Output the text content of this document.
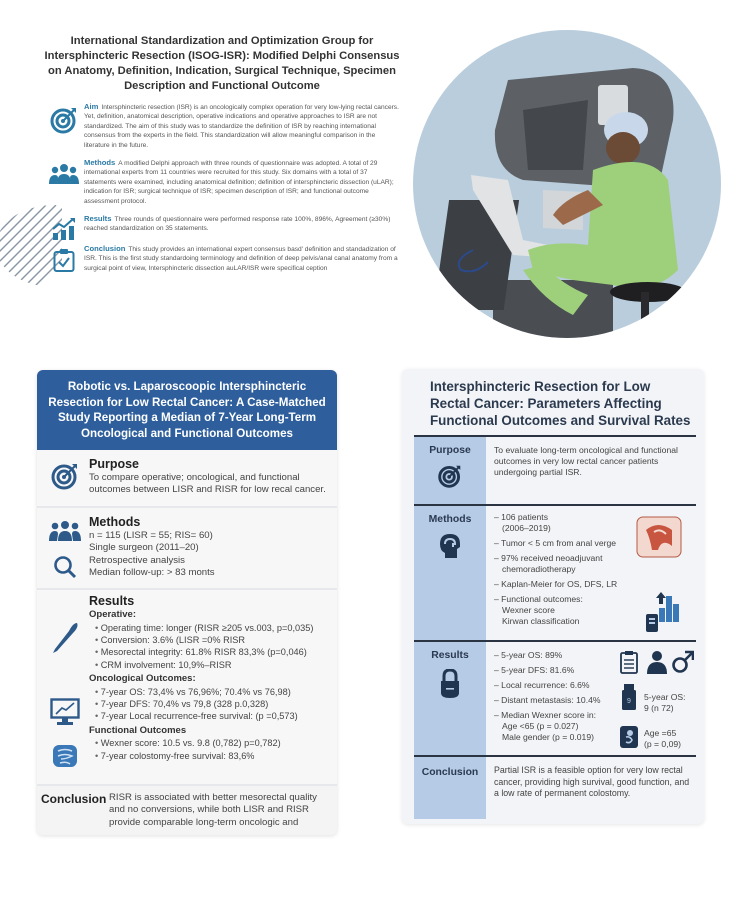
International Standardization and Optimization Group for Intersphincteric Resection (ISOG-ISR): Modified Delphi Consensus on Anatomy, Definition, Indication, Surgical Technique, Specimen Description and Functional Outcome
Aim Intersphincteric resection (ISR) is an oncologically complex operation for very low-lying rectal cancers. Yet, definition, anatomical description, operative indications and operative approaches to ISR are not standardized. The aim of this study was to standardize the definition of ISR by reaching international consensus from the experts in the field. This standardization will allow meaningful comparison in the literature in the future.
Methods A modified Delphi approach with three rounds of questionnaire was adopted. A total of 29 international experts from 11 countries were recruited for this study. Six domains with a total of 37 statements were examined, including anatomical definition; definition of intersphincteric dissection (uLAR); indication for ISR; surgical technique of ISR; specimen description of ISR; and functional outcome assessment protocol.
Results Three rounds of questionnaire were performed response rate 100%, 896%, Agreement (≥30%) reached standardization on 35 statements.
Conclusion This study provides an international expert consensus basd' definition and standadization of ISR. This is the first study standardoing terminology and definition of deep pelvis/anal canal anatomy from a surgical point of view, Intersphincteric dissection auLAR/ISR were specifical ception
Robotic vs. Laparoscoopic Intersphincteric Resection for Low Rectal Cancer: A Case-Matched Study Reporting a Median of 7-Year Long-Term Oncological and Functional Outcomes
Purpose
To compare operative; oncological, and functional outcomes between LISR and RISR for low recal cancer.
Methods
n = 115 (LISR = 55; RIS= 60)
Single surgeon (2011–20)
Retrospective analysis
Median follow-up: > 83 monts
Results
Operative:
• Operating time: longer (RISR ≥205 vs.003, p=0,035)
• Conversion: 3.6% (LISR =0% RISR
• Mesorectal integrity: 61.8% RISR 83,3% (p=0,046)
• CRM involvement: 10,9%–RISR
Oncological Outcomes:
• 7-year OS: 73,4% vs 76,96%; 70.4% vs 76,98)
• 7-year DFS: 70,4% vs 79,8 (328 p.0,328)
• 7-year Local recurrence-free survival: (p =0,573)
Functional Outcomes
• Wexner score: 10.5 vs. 9.8 (0,782) p=0,782)
• 7-year colostomy-free survival: 83,6%
Conclusion RISR is associated with better mesorectal quality and no conversions, while both LISR and RISR provide comparable long-term oncologic and
Intersphincteric Resection for Low Rectal Cancer: Parameters Affecting Functional Outcomes and Survival Rates
Purpose	To evaluate long-term oncological and functional outcomes in very low rectal cancer patients undergoing partial ISR.
Methods	– 106 patients
(2006–2019)
– Tumor < 5 cm from anal verge
– 97% received neoadjuvant
chemoradiotherapy
– Kaplan-Meier for OS, DFS, LR
– Functional outcomes:
Wexner score
Kirwan classification
Results	– 5-year OS: 89%
– 5-year DFS: 81.6%
– Local recurrence: 6.6%
– Distant metastasis: 10.4%
– Median Wexner score in:
Age <65 (p = 0.027)
Male gender (p = 0.019)
9 5-year OS:
9 (n 72)
Age =65
(p = 0,09)
Conclusion	Partial ISR is a feasible option for very low rectal cancer, providing high survival, good function, and a low rate of permanent colostomy.
